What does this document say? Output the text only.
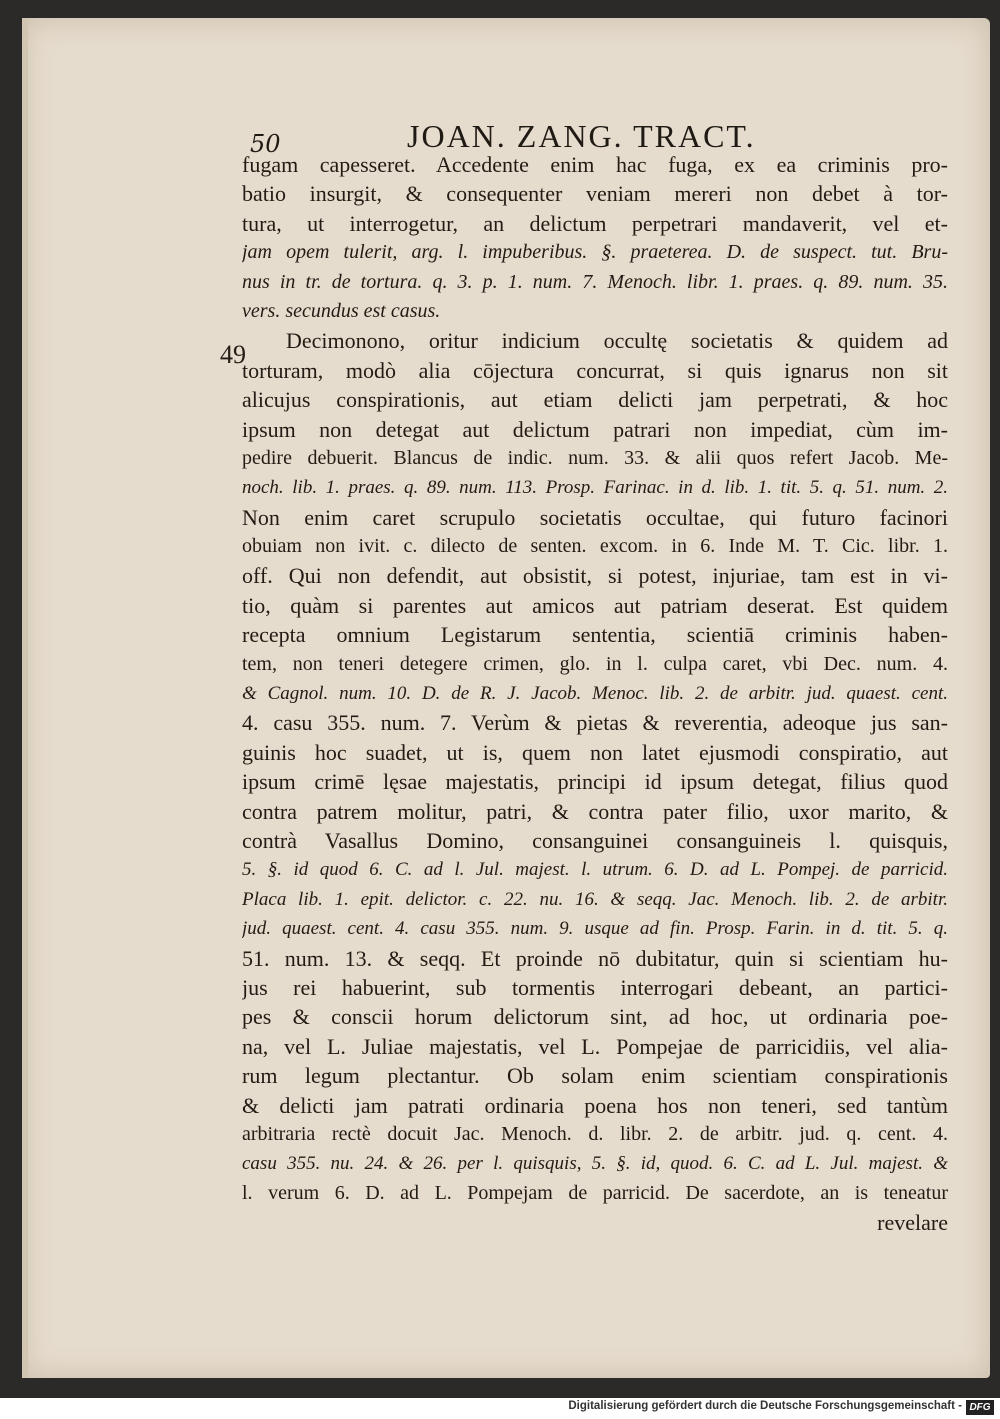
50	JOAN. ZANG. TRACT.
49
fugam capesseret. Accedente enim hac fuga, ex ea criminis pro-
batio insurgit, & consequenter veniam mereri non debet à tor-
tura, ut interrogetur, an delictum perpetrari mandaverit, vel et-
jam opem tulerit, arg. l. impuberibus. §. praeterea. D. de suspect. tut. Bru-
nus in tr. de tortura. q. 3. p. 1. num. 7. Menoch. libr. 1. praes. q. 89. num. 35.
vers. secundus est casus.
Decimonono, oritur indicium occultę societatis & quidem ad
torturam, modò alia cōjectura concurrat, si quis ignarus non sit
alicujus conspirationis, aut etiam delicti jam perpetrati, & hoc
ipsum non detegat aut delictum patrari non impediat, cùm im-
pedire debuerit. Blancus de indic. num. 33. & alii quos refert Jacob. Me-
noch. lib. 1. praes. q. 89. num. 113. Prosp. Farinac. in d. lib. 1. tit. 5. q. 51. num. 2.
Non enim caret scrupulo societatis occultae, qui futuro facinori
obuiam non ivit. c. dilecto de senten. excom. in 6. Inde M. T. Cic. libr. 1.
off. Qui non defendit, aut obsistit, si potest, injuriae, tam est in vi-
tio, quàm si parentes aut amicos aut patriam deserat. Est quidem
recepta omnium Legistarum sententia, scientiā criminis haben-
tem, non teneri detegere crimen, glo. in l. culpa caret, vbi Dec. num. 4.
& Cagnol. num. 10. D. de R. J. Jacob. Menoc. lib. 2. de arbitr. jud. quaest. cent.
4. casu 355. num. 7. Verùm & pietas & reverentia, adeoque jus san-
guinis hoc suadet, ut is, quem non latet ejusmodi conspiratio, aut
ipsum crimē lęsae majestatis, principi id ipsum detegat, filius quod
contra patrem molitur, patri, & contra pater filio, uxor marito, &
contrà Vasallus Domino, consanguinei consanguineis l. quisquis,
5. §. id quod 6. C. ad l. Jul. majest. l. utrum. 6. D. ad L. Pompej. de parricid.
Placa lib. 1. epit. delictor. c. 22. nu. 16. & seqq. Jac. Menoch. lib. 2. de arbitr.
jud. quaest. cent. 4. casu 355. num. 9. usque ad fin. Prosp. Farin. in d. tit. 5. q.
51. num. 13. & seqq. Et proinde nō dubitatur, quin si scientiam hu-
jus rei habuerint, sub tormentis interrogari debeant, an partici-
pes & conscii horum delictorum sint, ad hoc, ut ordinaria poe-
na, vel L. Juliae majestatis, vel L. Pompejae de parricidiis, vel alia-
rum legum plectantur. Ob solam enim scientiam conspirationis
& delicti jam patrati ordinaria poena hos non teneri, sed tantùm
arbitraria rectè docuit Jac. Menoch. d. libr. 2. de arbitr. jud. q. cent. 4.
casu 355. nu. 24. & 26. per l. quisquis, 5. §. id, quod. 6. C. ad L. Jul. majest. &
l. verum 6. D. ad L. Pompejam de parricid. De sacerdote, an is teneatur
revelare
Digitalisierung gefördert durch die Deutsche Forschungsgemeinschaft - DFG
